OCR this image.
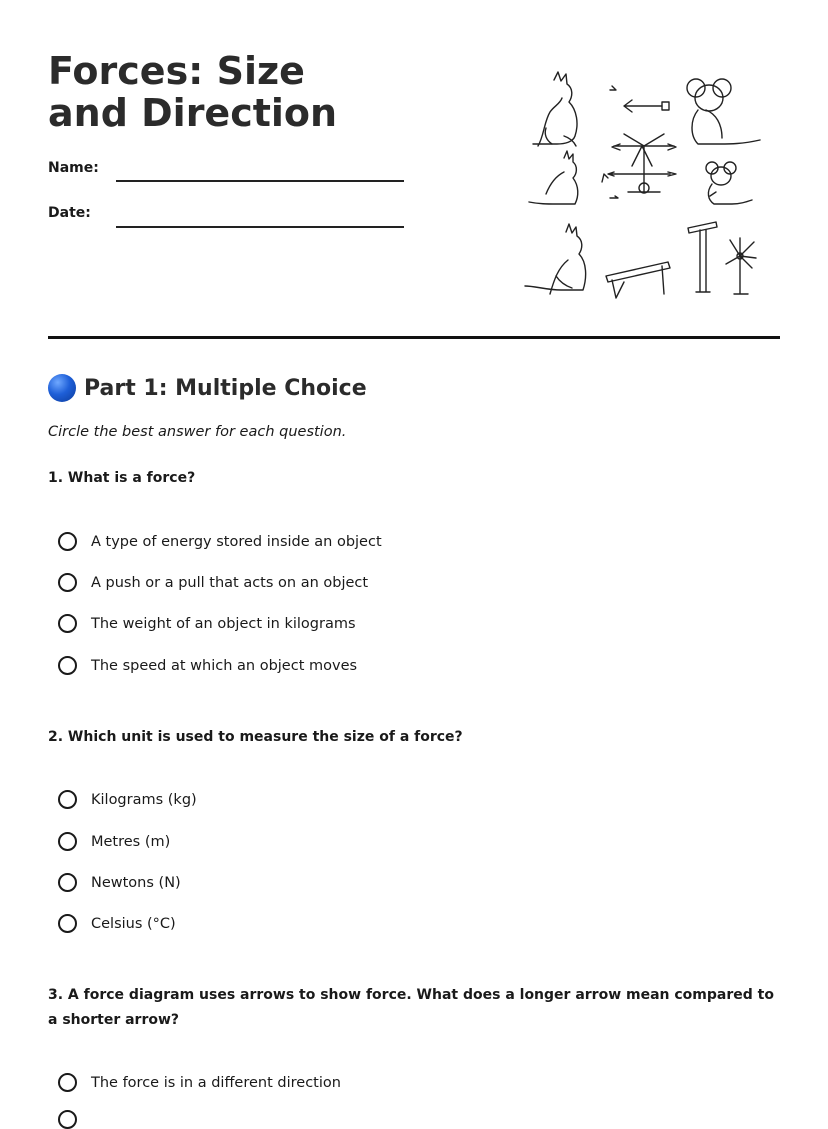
Forces: Size and Direction
Name:
Date:
Part 1: Multiple Choice
Circle the best answer for each question.
1. What is a force?
A type of energy stored inside an object
A push or a pull that acts on an object
The weight of an object in kilograms
The speed at which an object moves
2. Which unit is used to measure the size of a force?
Kilograms (kg)
Metres (m)
Newtons (N)
Celsius (°C)
3. A force diagram uses arrows to show force. What does a longer arrow mean compared to a shorter arrow?
The force is in a different direction
